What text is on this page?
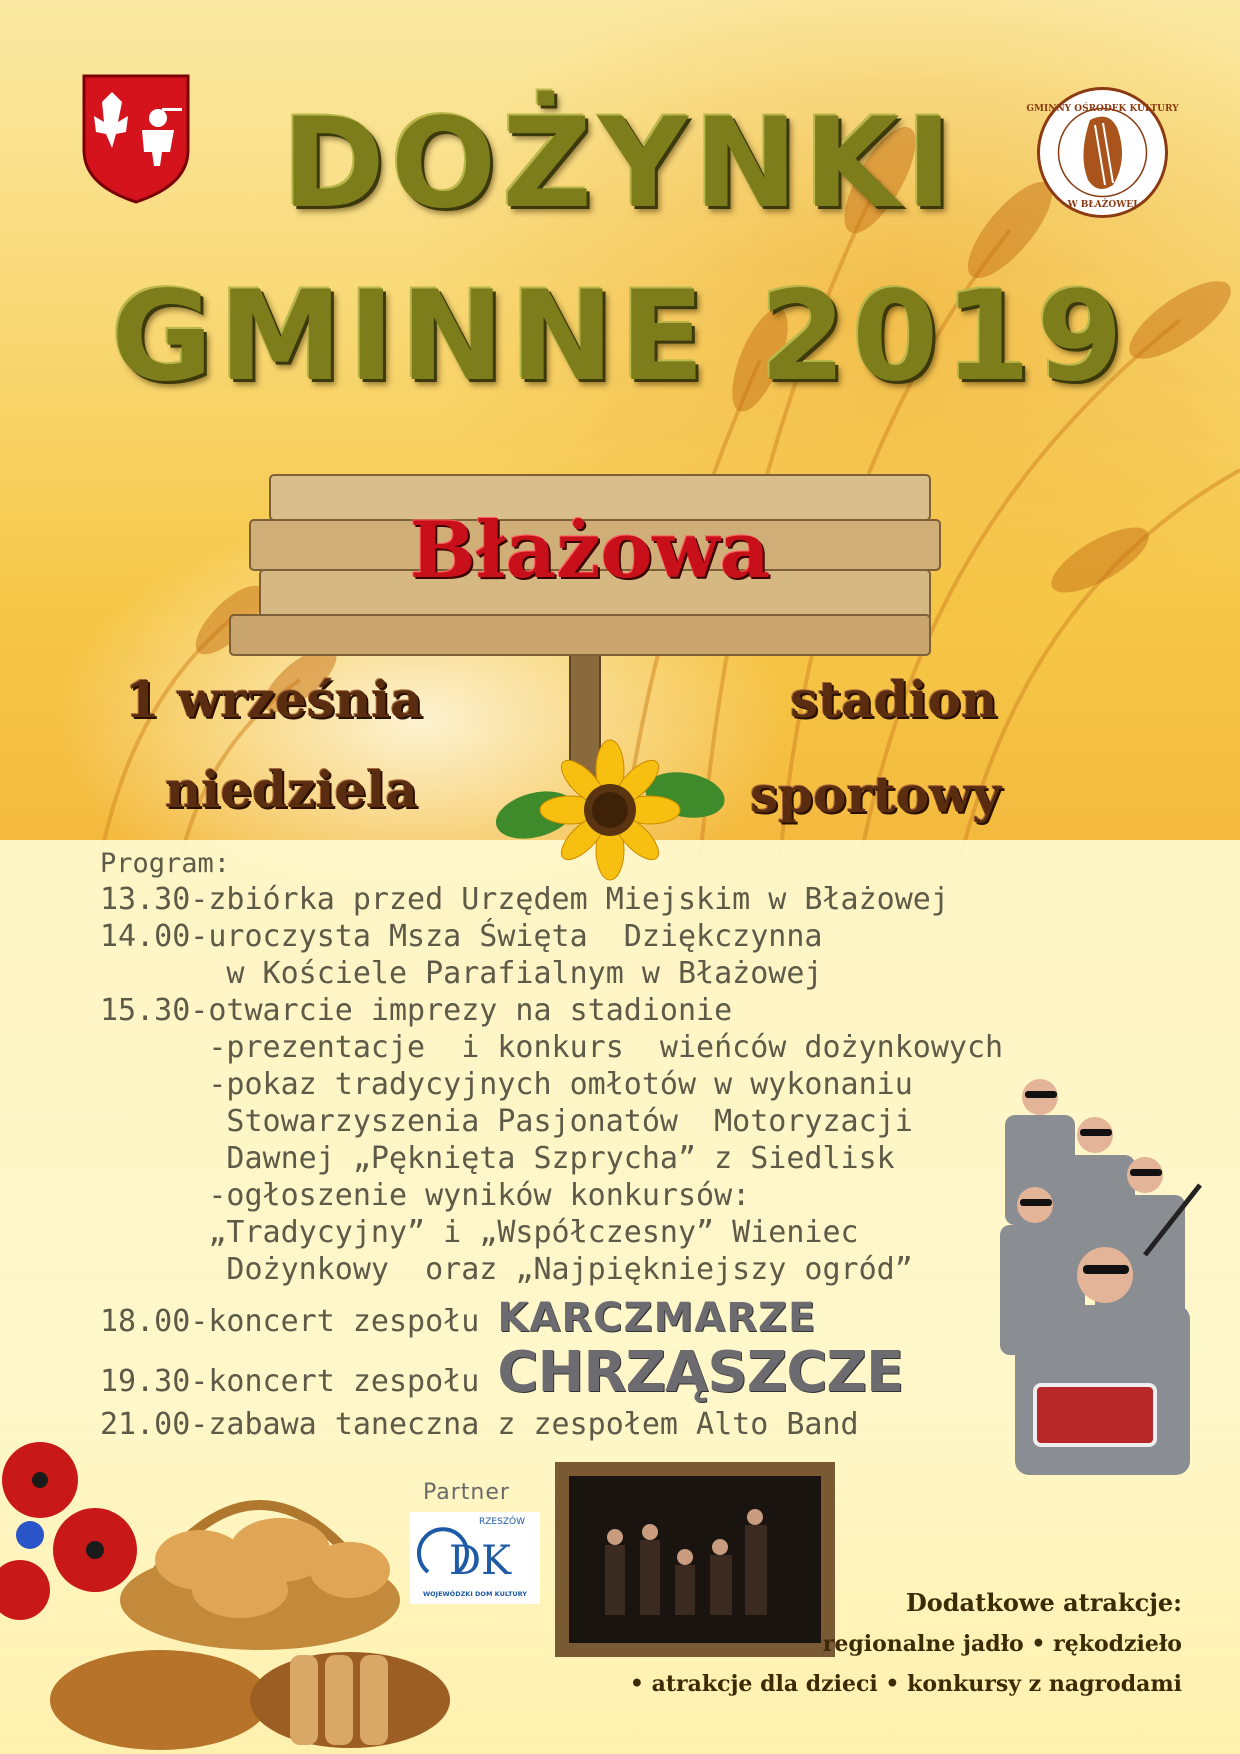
GMINNY OŚRODEK KULTURY
W BŁAŻOWEJ
DOŻYNKI
GMINNE 2019
Błażowa
1 września
niedziela
stadion
sportowy
Program:
13.30-zbiórka przed Urzędem Miejskim w Błażowej
14.00-uroczysta Msza Święta  Dziękczynna
w Kościele Parafialnym w Błażowej
15.30-otwarcie imprezy na stadionie
-prezentacje  i konkurs  wieńców dożynkowych
-pokaz tradycyjnych omłotów w wykonaniu
Stowarzyszenia Pasjonatów  Motoryzacji
Dawnej „Pęknięta Szprycha” z Siedlisk
-ogłoszenie wyników konkursów:
„Tradycyjny” i „Współczesny” Wieniec
Dożynkowy  oraz „Najpiękniejszy ogród”
18.00-koncert zespołu KARCZMARZE
19.30-koncert zespołu CHRZĄSZCZE
21.00-zabawa taneczna z zespołem Alto Band
Partner
RZESZÓW
DK
WOJEWÓDZKI DOM KULTURY	Dodatkowe atrakcje:
regionalne jadło • rękodzieło
• atrakcje dla dzieci • konkursy z nagrodami
